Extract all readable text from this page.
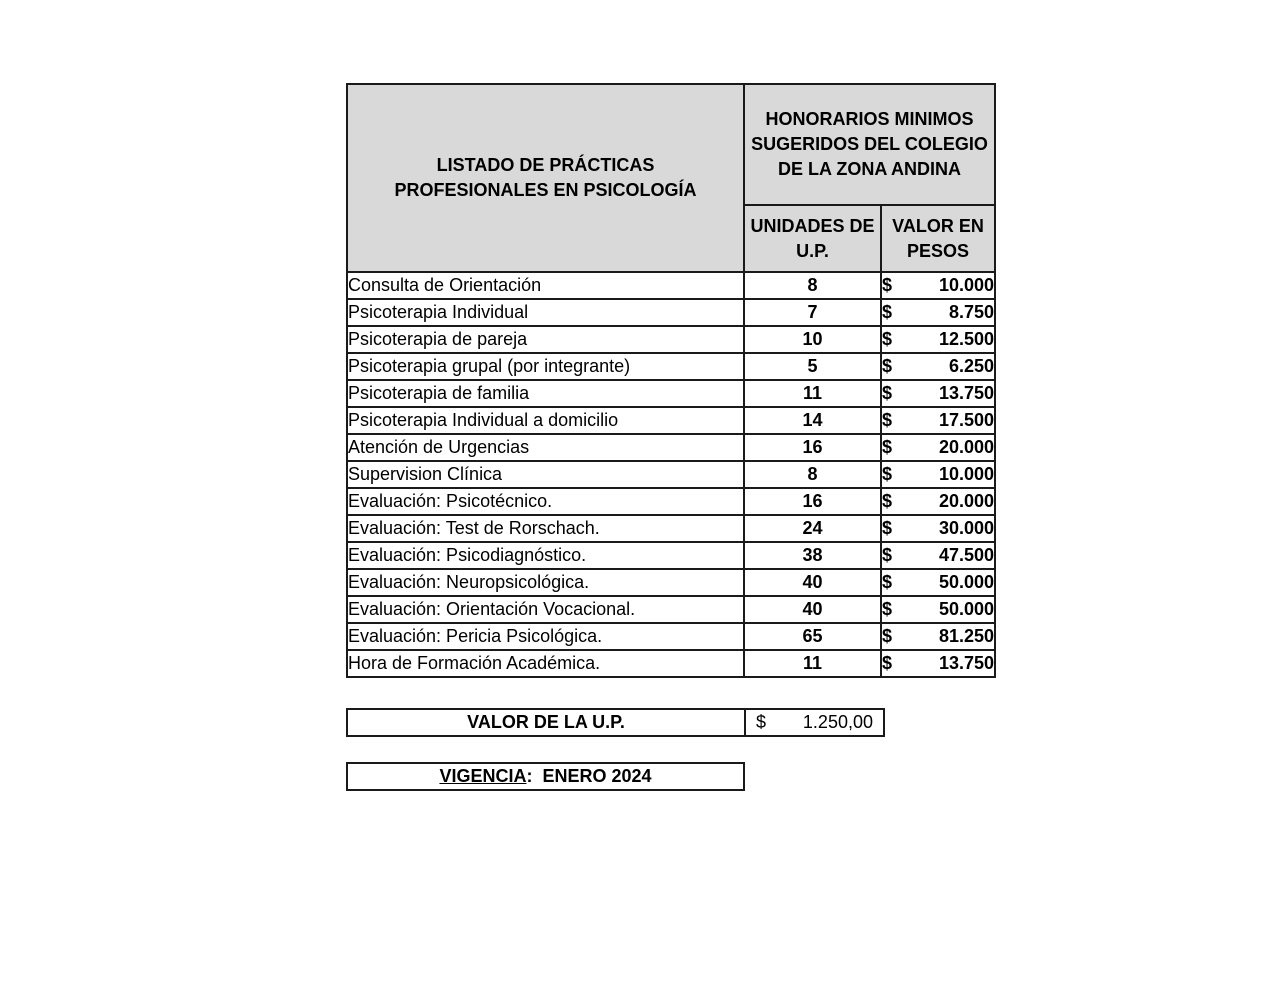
LISTADO DE PRÁCTICAS
PROFESIONALES EN PSICOLOGÍA	HONORARIOS MINIMOS
SUGERIDOS DEL COLEGIO
DE LA ZONA ANDINA	
	UNIDADES DE
U.P.	VALOR EN
PESOS
Consulta de Orientación	8	$ 10.000

Psicoterapia Individual	7	$ 8.750

Psicoterapia de pareja	10	$ 12.500

Psicoterapia grupal (por integrante)	5	$ 6.250

Psicoterapia de familia	11	$ 13.750

Psicoterapia Individual a domicilio	14	$ 17.500

Atención de Urgencias	16	$ 20.000

Supervision Clínica	8	$ 10.000

Evaluación: Psicotécnico.	16	$ 20.000

Evaluación: Test de Rorschach.	24	$ 30.000

Evaluación: Psicodiagnóstico.	38	$ 47.500

Evaluación: Neuropsicológica.	40	$ 50.000

Evaluación: Orientación Vocacional.	40	$ 50.000

Evaluación: Pericia Psicológica.	65	$ 81.250

Hora de Formación Académica.	11	$ 13.750
VALOR DE LA U.P.	$ 1.250,00
VIGENCIA: ENERO 2024
